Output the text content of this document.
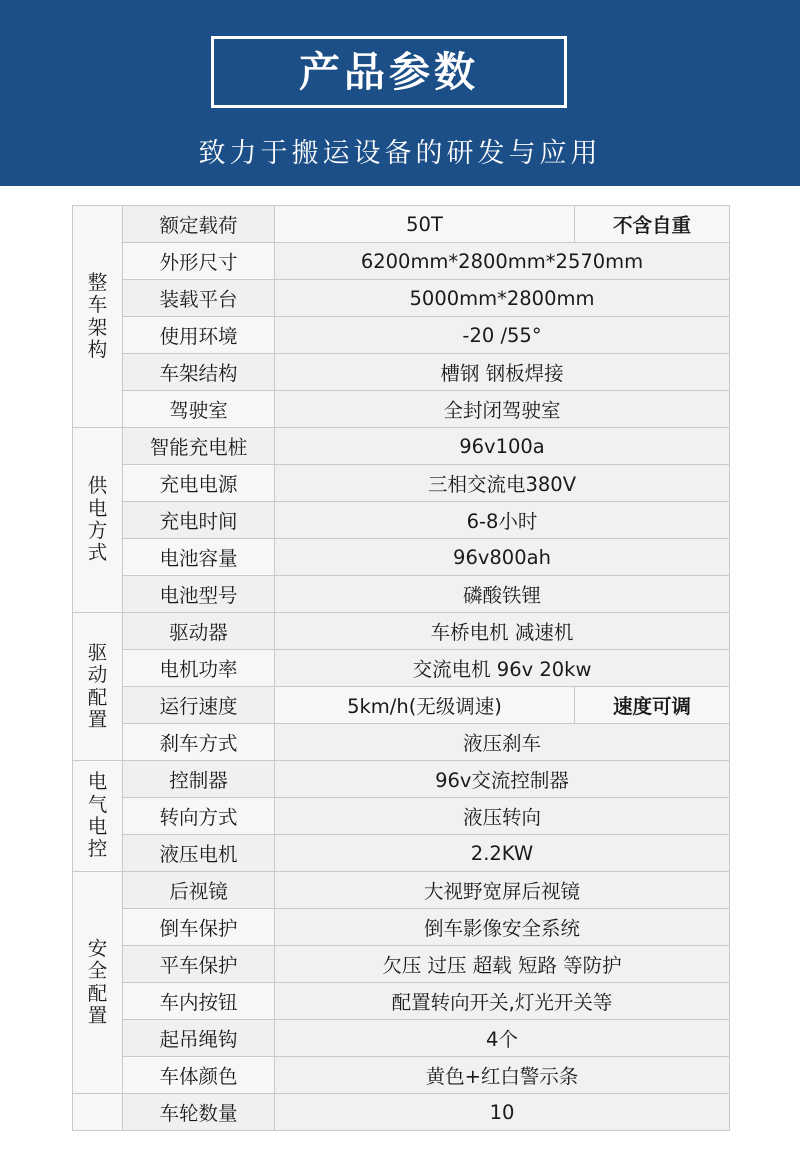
产品参数
致力于搬运设备的研发与应用
整
车
架
构	额定载荷	50T	不含自重
	外形尺寸	6200mm*2800mm*2570mm	
	装载平台	5000mm*2800mm	
	使用环境	-20 /55°	
	车架结构	槽钢 钢板焊接	
	驾驶室	全封闭驾驶室	

供
电
方
式	智能充电桩	96v100a	
	充电电源	三相交流电380V	
	充电时间	6-8小时	
	电池容量	96v800ah	
	电池型号	磷酸铁锂	

驱
动
配
置	驱动器	车桥电机 减速机	
	电机功率	交流电机 96v 20kw	
	运行速度	5km/h(无级调速)	速度可调
	刹车方式	液压刹车	

电
气
电
控	控制器	96v交流控制器	
	转向方式	液压转向	
	液压电机	2.2KW	

安
全
配
置	后视镜	大视野宽屏后视镜	
	倒车保护	倒车影像安全系统	
	平车保护	欠压 过压 超载 短路 等防护	
	车内按钮	配置转向开关,灯光开关等	
	起吊绳钩	4个	
	车体颜色	黄色+红白警示条	
	车轮数量	10	
